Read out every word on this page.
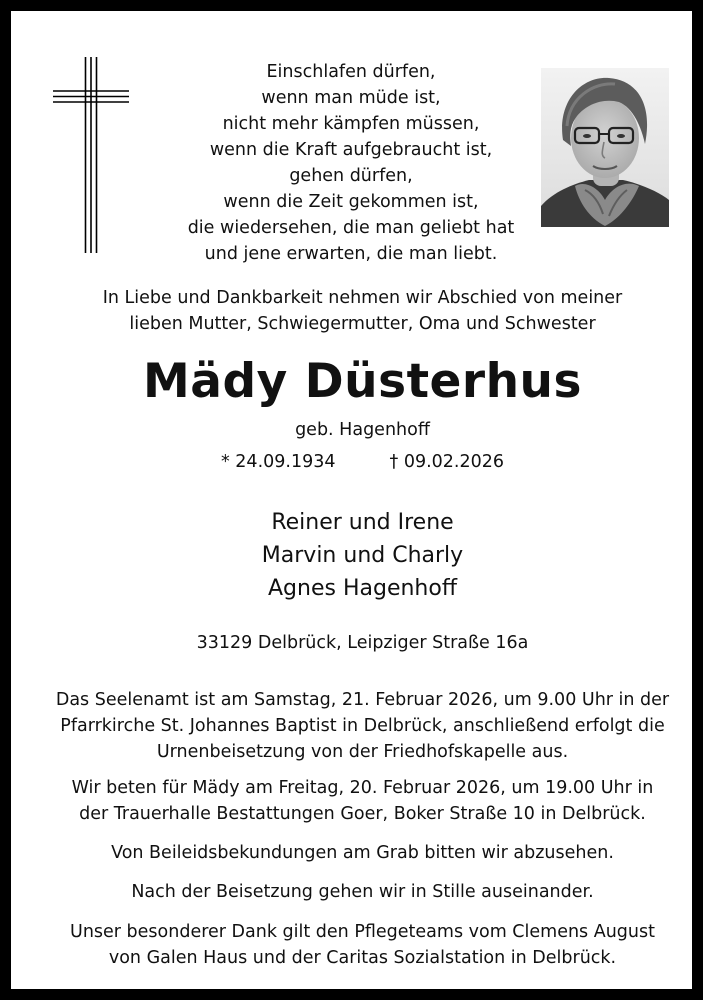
Einschlafen dürfen,
wenn man müde ist,
nicht mehr kämpfen müssen,
wenn die Kraft aufgebraucht ist,
gehen dürfen,
wenn die Zeit gekommen ist,
die wiedersehen, die man geliebt hat
und jene erwarten, die man liebt.
In Liebe und Dankbarkeit nehmen wir Abschied von meiner
lieben Mutter, Schwiegermutter, Oma und Schwester
Mädy Düsterhus
geb. Hagenhoff
* 24.09.1934	† 09.02.2026
Reiner und Irene
Marvin und Charly
Agnes Hagenhoff
33129 Delbrück, Leipziger Straße 16a
Das Seelenamt ist am Samstag, 21. Februar 2026, um 9.00 Uhr in der
Pfarrkirche St. Johannes Baptist in Delbrück, anschließend erfolgt die
Urnenbeisetzung von der Friedhofskapelle aus.
Wir beten für Mädy am Freitag, 20. Februar 2026, um 19.00 Uhr in
der Trauerhalle Bestattungen Goer, Boker Straße 10 in Delbrück.
Von Beileidsbekundungen am Grab bitten wir abzusehen.
Nach der Beisetzung gehen wir in Stille auseinander.
Unser besonderer Dank gilt den Pflegeteams vom Clemens August
von Galen Haus und der Caritas Sozialstation in Delbrück.
